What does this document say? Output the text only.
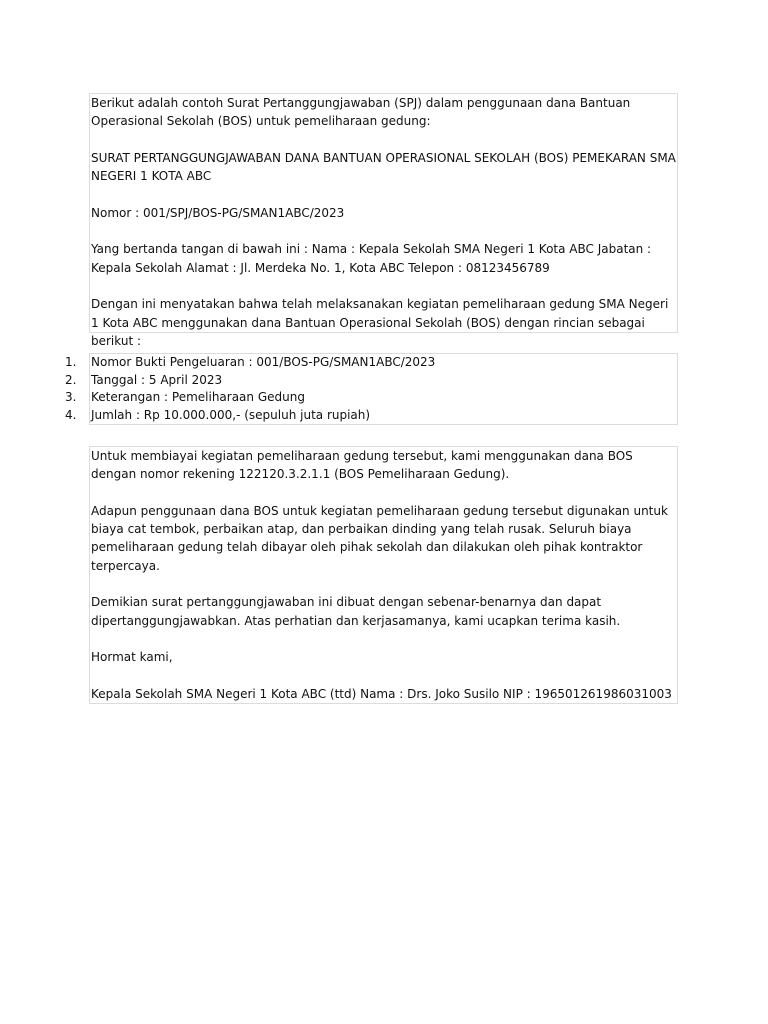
Berikut adalah contoh Surat Pertanggungjawaban (SPJ) dalam penggunaan dana Bantuan Operasional Sekolah (BOS) untuk pemeliharaan gedung:

SURAT PERTANGGUNGJAWABAN DANA BANTUAN OPERASIONAL SEKOLAH (BOS) PEMEKARAN SMA NEGERI 1 KOTA ABC

Nomor : 001/SPJ/BOS-PG/SMAN1ABC/2023

Yang bertanda tangan di bawah ini : Nama : Kepala Sekolah SMA Negeri 1 Kota ABC Jabatan : Kepala Sekolah Alamat : Jl. Merdeka No. 1, Kota ABC Telepon : 08123456789

Dengan ini menyatakan bahwa telah melaksanakan kegiatan pemeliharaan gedung SMA Negeri 1 Kota ABC menggunakan dana Bantuan Operasional Sekolah (BOS) dengan rincian sebagai berikut :

1.	Nomor Bukti Pengeluaran : 001/BOS-PG/SMAN1ABC/2023
2.	Tanggal : 5 April 2023
3.	Keterangan : Pemeliharaan Gedung
4.	Jumlah : Rp 10.000.000,- (sepuluh juta rupiah)

Untuk membiayai kegiatan pemeliharaan gedung tersebut, kami menggunakan dana BOS dengan nomor rekening 122120.3.2.1.1 (BOS Pemeliharaan Gedung).

Adapun penggunaan dana BOS untuk kegiatan pemeliharaan gedung tersebut digunakan untuk biaya cat tembok, perbaikan atap, dan perbaikan dinding yang telah rusak. Seluruh biaya pemeliharaan gedung telah dibayar oleh pihak sekolah dan dilakukan oleh pihak kontraktor terpercaya.

Demikian surat pertanggungjawaban ini dibuat dengan sebenar-benarnya dan dapat dipertanggungjawabkan. Atas perhatian dan kerjasamanya, kami ucapkan terima kasih.

Hormat kami,

Kepala Sekolah SMA Negeri 1 Kota ABC (ttd) Nama : Drs. Joko Susilo NIP : 196501261986031003
